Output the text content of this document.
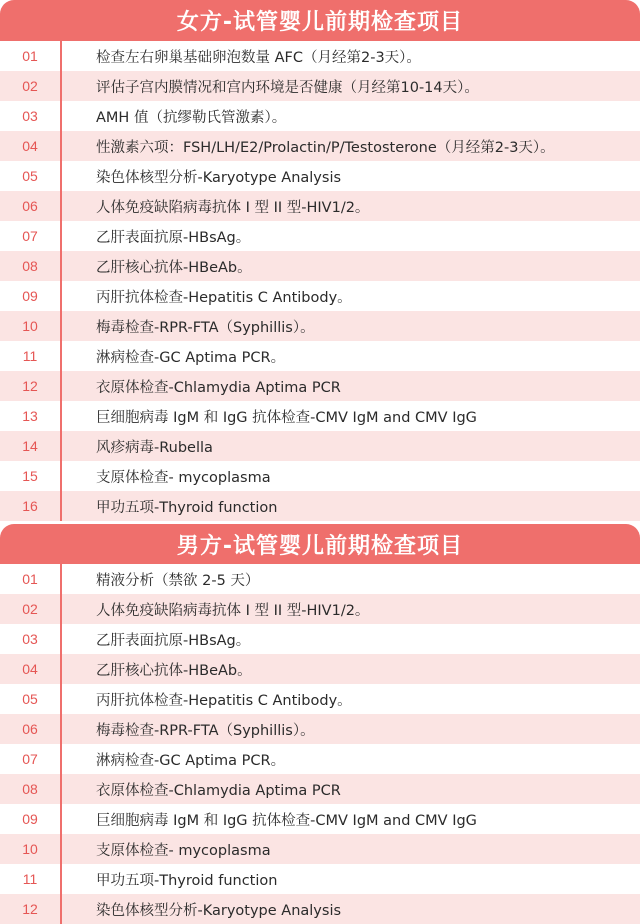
女方-试管婴儿前期检查项目
01	检查左右卵巢基础卵泡数量 AFC（月经第2-3天）。
02	评估子宫内膜情况和宫内环境是否健康（月经第10-14天）。
03	AMH 值（抗缪勒氏管激素）。
04	性激素六项：FSH/LH/E2/Prolactin/P/Testosterone（月经第2-3天）。
05	染色体核型分析-Karyotype Analysis
06	人体免疫缺陷病毒抗体 I 型 II 型-HIV1/2。
07	乙肝表面抗原-HBsAg。
08	乙肝核心抗体-HBeAb。
09	丙肝抗体检查-Hepatitis C Antibody。
10	梅毒检查-RPR-FTA（Syphillis）。
11	淋病检查-GC Aptima PCR。
12	衣原体检查-Chlamydia Aptima PCR
13	巨细胞病毒 IgM 和 IgG 抗体检查-CMV IgM and CMV IgG
14	风疹病毒-Rubella
15	支原体检查- mycoplasma
16	甲功五项-Thyroid function
男方-试管婴儿前期检查项目
01	精液分析（禁欲 2-5 天）
02	人体免疫缺陷病毒抗体 I 型 II 型-HIV1/2。
03	乙肝表面抗原-HBsAg。
04	乙肝核心抗体-HBeAb。
05	丙肝抗体检查-Hepatitis C Antibody。
06	梅毒检查-RPR-FTA（Syphillis）。
07	淋病检查-GC Aptima PCR。
08	衣原体检查-Chlamydia Aptima PCR
09	巨细胞病毒 IgM 和 IgG 抗体检查-CMV IgM and CMV IgG
10	支原体检查- mycoplasma
11	甲功五项-Thyroid function
12	染色体核型分析-Karyotype Analysis
